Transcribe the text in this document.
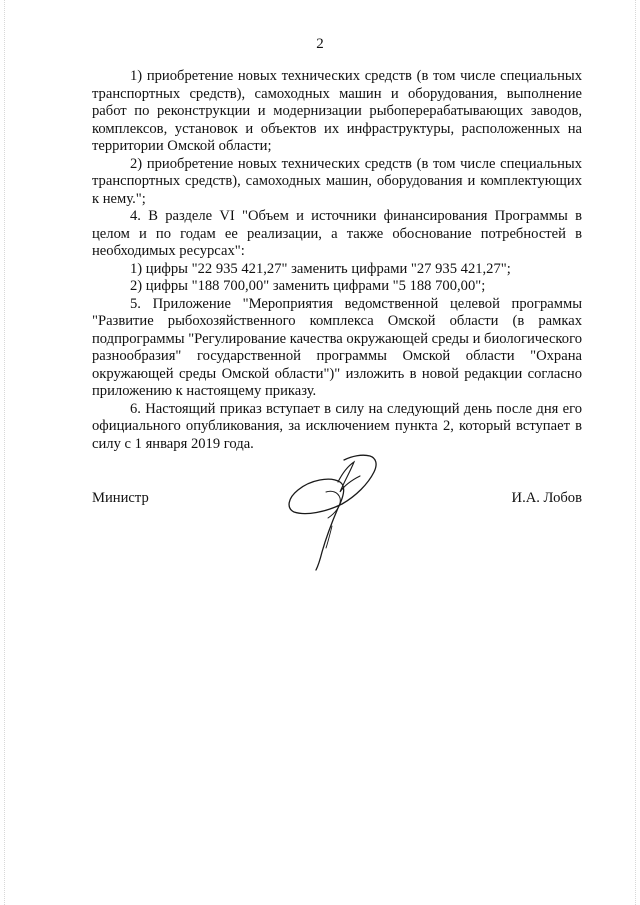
2

1) приобретение новых технических средств (в том числе специальных транспортных средств), самоходных машин и оборудования, выполнение работ по реконструкции и модернизации рыбоперерабатывающих заводов, комплексов, установок и объектов их инфраструктуры, расположенных на территории Омской области;

2) приобретение новых технических средств (в том числе специальных транспортных средств), самоходных машин, оборудования и комплектующих к нему.";

4. В разделе VI "Объем и источники финансирования Программы в целом и по годам ее реализации, а также обоснование потребностей в необходимых ресурсах":

1) цифры "22 935 421,27" заменить цифрами "27 935 421,27";

2) цифры "188 700,00" заменить цифрами "5 188 700,00";

5. Приложение "Мероприятия ведомственной целевой программы "Развитие рыбохозяйственного комплекса Омской области (в рамках подпрограммы "Регулирование качества окружающей среды и биологического разнообразия" государственной программы Омской области "Охрана окружающей среды Омской области")" изложить в новой редакции согласно приложению к настоящему приказу.

6. Настоящий приказ вступает в силу на следующий день после дня его официального опубликования, за исключением пункта 2, который вступает в силу с 1 января 2019 года.

Министр	И.А. Лобов
